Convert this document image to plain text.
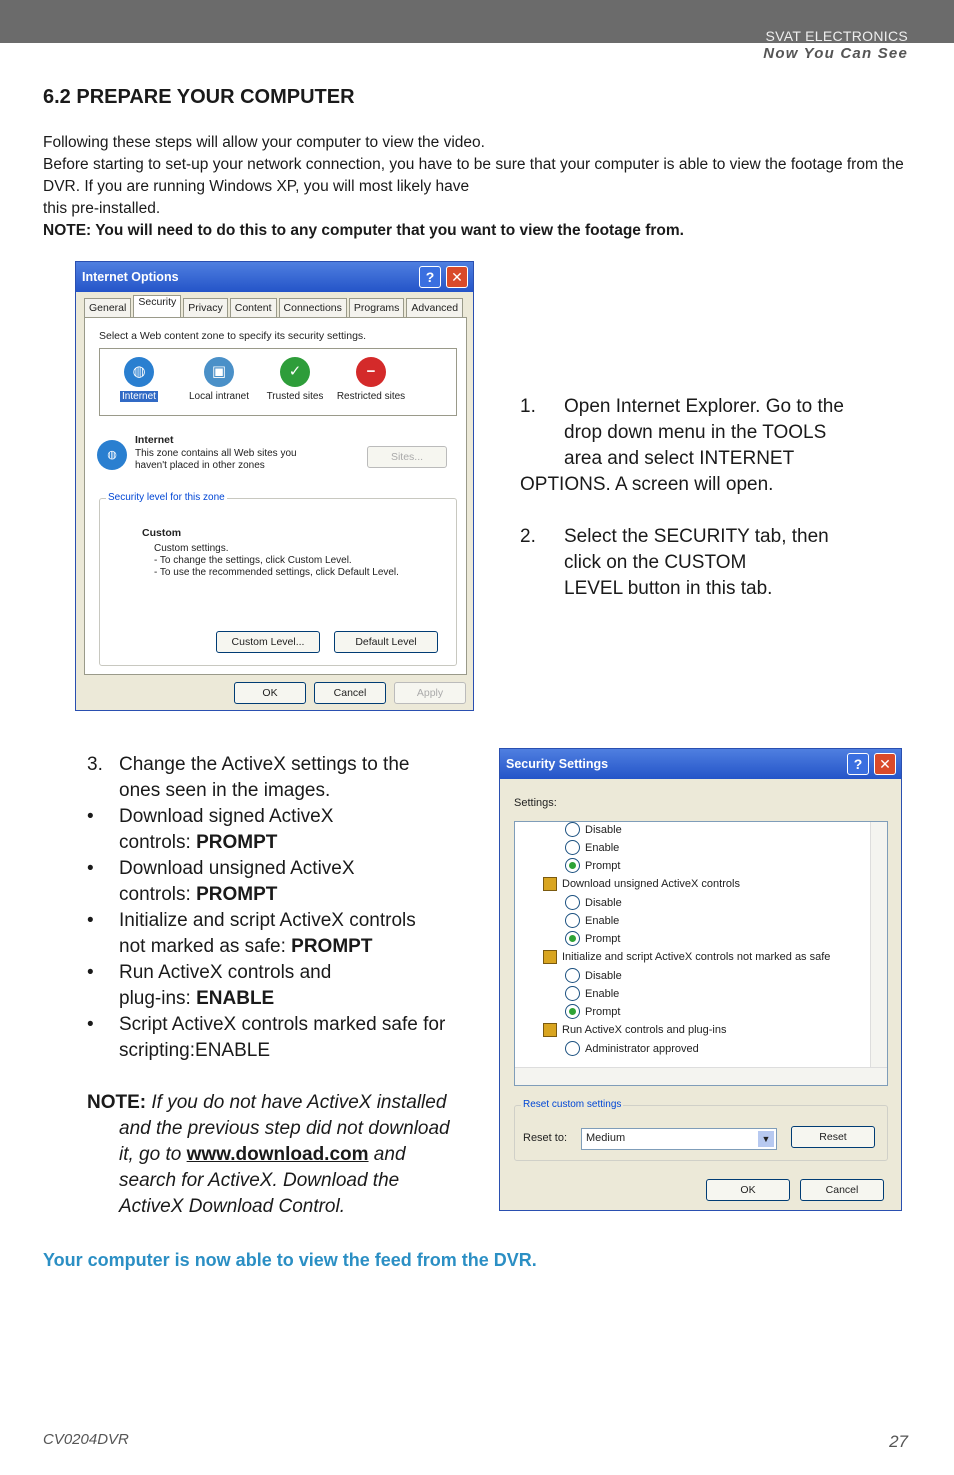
SVAT ELECTRONICS
Now You Can See
6.2 PREPARE YOUR COMPUTER
Following these steps will allow your computer to view the video.
Before starting to set-up your network connection, you have to be sure that your computer is able to view the footage from the DVR. If you are running Windows XP, you will most likely have
this pre-installed.
NOTE: You will need to do this to any computer that you want to view the footage from.
Internet Options	?	✕
General	Security	Privacy	Content	Connections	Programs	Advanced
Select a Web content zone to specify its security settings.
◍
Internet
▣
Local intranet
✓
Trusted sites
−
Restricted sites
◍
Internet
This zone contains all Web sites you haven't placed in other zones
Sites...
Security level for this zone
Custom
Custom settings.
- To change the settings, click Custom Level.
- To use the recommended settings, click Default Level.
Custom Level...	Default Level
OK	Cancel	Apply
1.	Open Internet Explorer. Go to the
drop down menu in the TOOLS
area and select INTERNET
OPTIONS. A screen will open.
2.	Select the SECURITY tab, then
click on the CUSTOM
LEVEL button in this tab.
3. Change the ActiveX settings to the
ones seen in the images.
•	Download signed ActiveX
controls: PROMPT
•	Download unsigned ActiveX
controls: PROMPT
•	Initialize and script ActiveX controls
not marked as safe: PROMPT
•	Run ActiveX controls and
plug-ins: ENABLE
•	Script ActiveX controls marked safe for
scripting:ENABLE
NOTE: If you do not have ActiveX installed
and the previous step did not download
it, go to www.download.com and
search for ActiveX. Download the
ActiveX Download Control.
Security Settings	?	✕
Settings:
Disable
Enable
Prompt
Download unsigned ActiveX controls
Disable
Enable
Prompt
Initialize and script ActiveX controls not marked as safe
Disable
Enable
Prompt
Run ActiveX controls and plug-ins
Administrator approved
Reset custom settings
Reset to:	Medium	▼	Reset
OK	Cancel
Your computer is now able to view the feed from the DVR.
CV0204DVR	27
